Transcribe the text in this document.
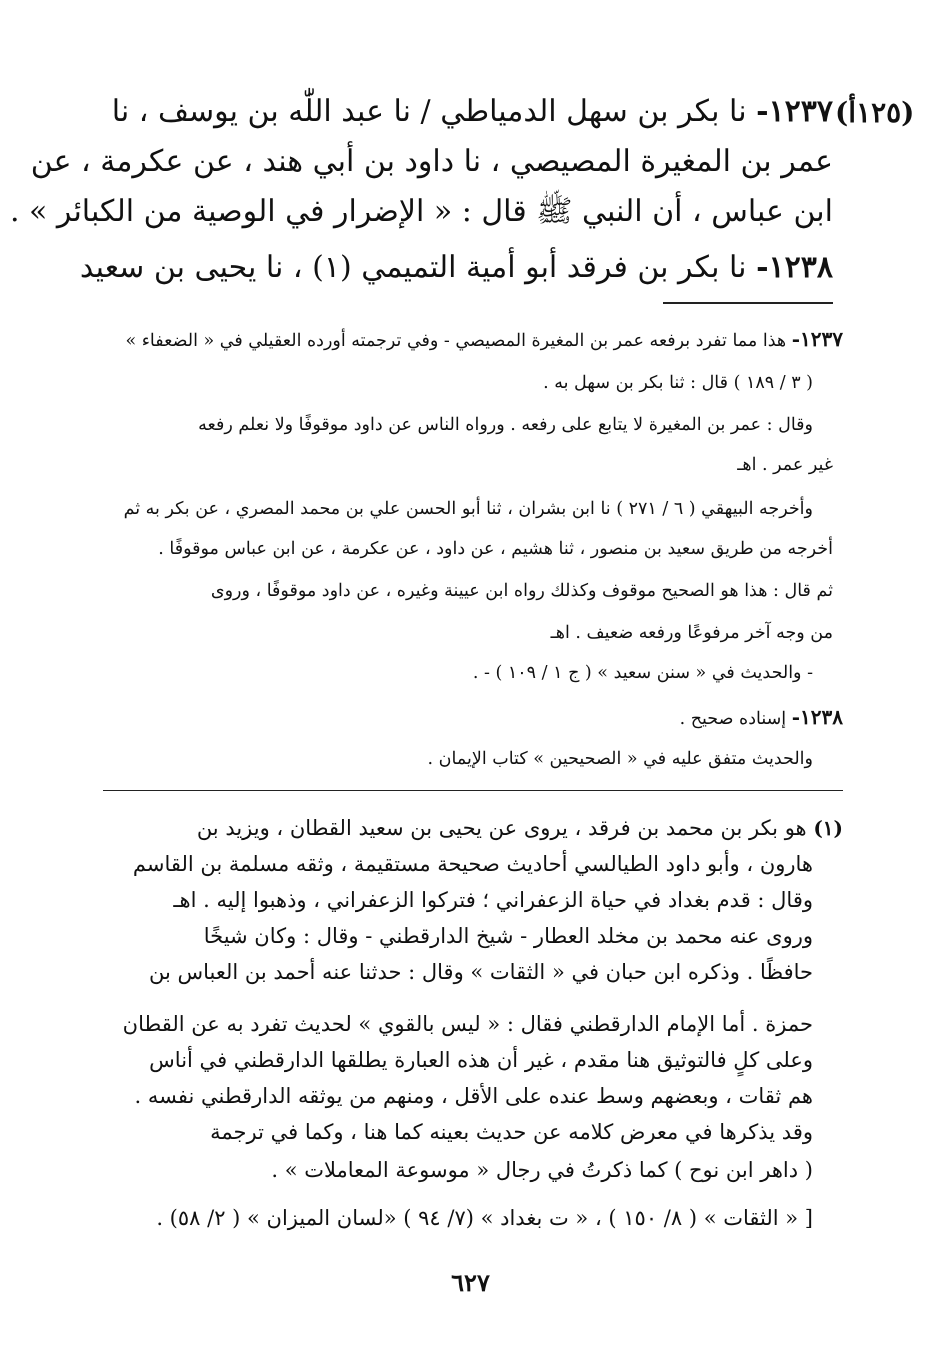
(١٢٥أ)
١٢٣٧- نا بكر بن سهل الدمياطي / نا عبد اللّٰه بن يوسف ، نا
عمر بن المغيرة المصيصي ، نا داود بن أبي هند ، عن عكرمة ، عن
ابن عباس ، أن النبي ﷺ قال : « الإضرار في الوصية من الكبائر » .
١٢٣٨- نا بكر بن فرقد أبو أمية التميمي (١) ، نا يحيى بن سعيد
١٢٣٧- هذا مما تفرد برفعه عمر بن المغيرة المصيصي - وفي ترجمته أورده العقيلي في « الضعفاء »
( ٣ / ١٨٩ ) قال : ثنا بكر بن سهل به .
وقال : عمر بن المغيرة لا يتابع على رفعه . ورواه الناس عن داود موقوفًا ولا نعلم رفعه
غير عمر . اهـ
وأخرجه البيهقي ( ٦ / ٢٧١ ) نا ابن بشران ، ثنا أبو الحسن علي بن محمد المصري ، عن بكر به ثم
أخرجه من طريق سعيد بن منصور ، ثنا هشيم ، عن داود ، عن عكرمة ، عن ابن عباس موقوفًا .
ثم قال : هذا هو الصحيح موقوف وكذلك رواه ابن عيينة وغيره ، عن داود موقوفًا ، وروى
من وجه آخر مرفوعًا ورفعه ضعيف . اهـ
- والحديث في « سنن سعيد » ( ج ١ / ١٠٩ ) - .
١٢٣٨- إسناده صحيح .
والحديث متفق عليه في « الصحيحين » كتاب الإيمان .
(١) هو بكر بن محمد بن فرقد ، يروى عن يحيى بن سعيد القطان ، ويزيد بن
هارون ، وأبو داود الطيالسي أحاديث صحيحة مستقيمة ، وثقه مسلمة بن القاسم
وقال : قدم بغداد في حياة الزعفراني ؛ فتركوا الزعفراني ، وذهبوا إليه . اهـ
وروى عنه محمد بن مخلد العطار - شيخ الدارقطني - وقال : وكان شيخًا
حافظًا . وذكره ابن حبان في « الثقات » وقال : حدثنا عنه أحمد بن العباس بن
حمزة . أما الإمام الدارقطني فقال : « ليس بالقوي » لحديث تفرد به عن القطان
وعلى كلٍ فالتوثيق هنا مقدم ، غير أن هذه العبارة يطلقها الدارقطني في أناس
هم ثقات ، وبعضهم وسط عنده على الأقل ، ومنهم من يوثقه الدارقطني نفسه .
وقد يذكرها في معرض كلامه عن حديث بعينه كما هنا ، وكما في ترجمة
( داهر ابن نوح ) كما ذكرتُ في رجال « موسوعة المعاملات » .
[ « الثقات » ( ٨/ ١٥٠ ) ، « ت بغداد » (٧/ ٩٤ ) «لسان الميزان » ( ٢/ ٥٨) .
٦٢٧
